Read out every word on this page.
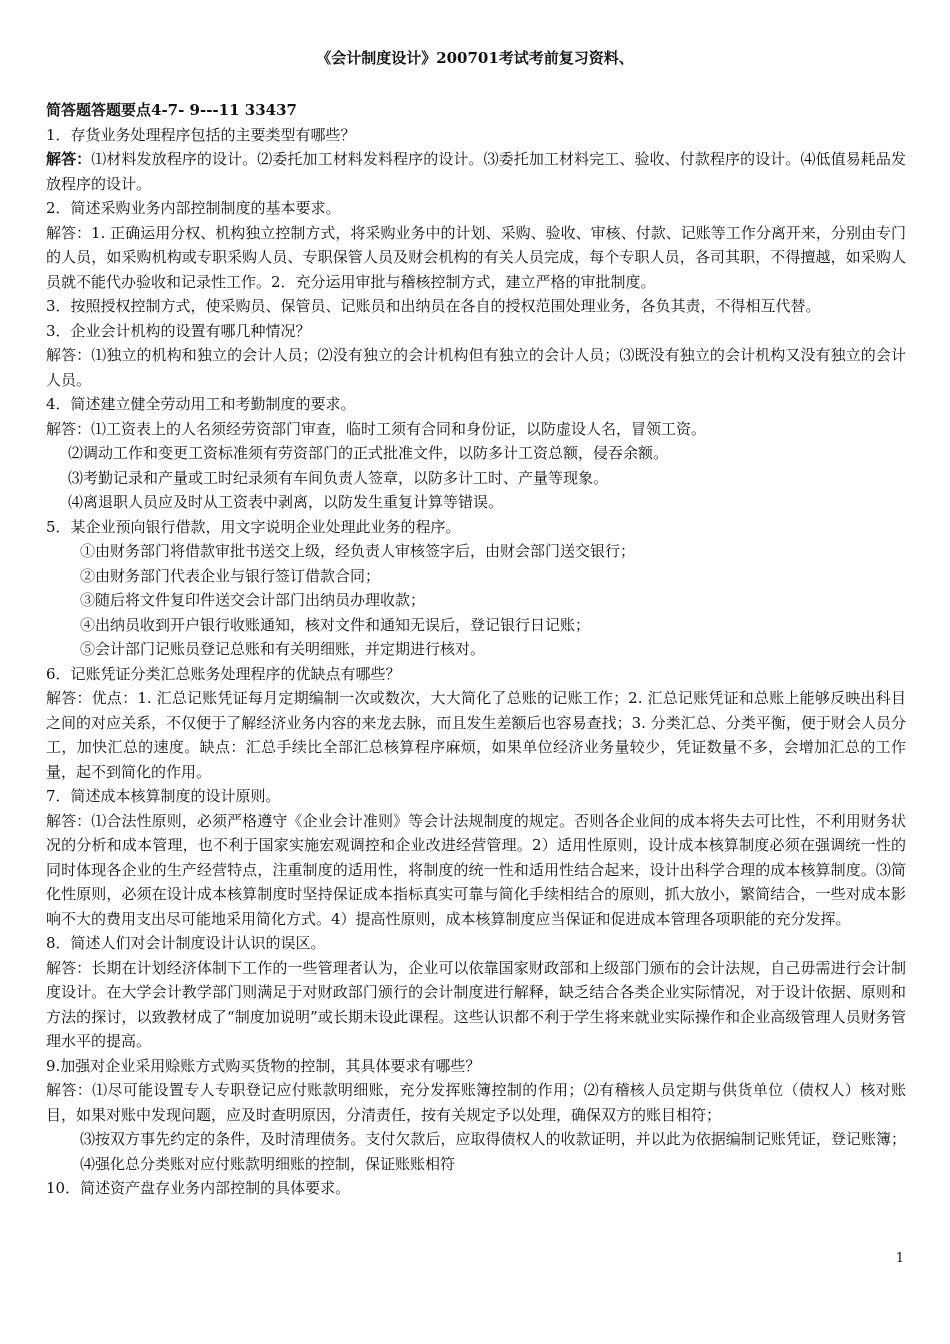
《会计制度设计》200701考试考前复习资料、

简答题答题要点4-7- 9---11 33437

1．存货业务处理程序包括的主要类型有哪些？

解答：⑴材料发放程序的设计。⑵委托加工材料发料程序的设计。⑶委托加工材料完工、验收、付款程序的设计。⑷低值易耗品发放程序的设计。

2．简述采购业务内部控制制度的基本要求。

解答：1. 正确运用分权、机构独立控制方式，将采购业务中的计划、采购、验收、审核、付款、记账等工作分离开来，分别由专门的人员，如采购机构或专职采购人员、专职保管人员及财会机构的有关人员完成，每个专职人员，各司其职，不得擅越，如采购人员就不能代办验收和记录性工作。2．充分运用审批与稽核控制方式，建立严格的审批制度。

3．按照授权控制方式，使采购员、保管员、记账员和出纳员在各自的授权范围处理业务，各负其责，不得相互代替。

3．企业会计机构的设置有哪几种情况？

解答：⑴独立的机构和独立的会计人员；⑵没有独立的会计机构但有独立的会计人员；⑶既没有独立的会计机构又没有独立的会计人员。

4．简述建立健全劳动用工和考勤制度的要求。

解答：⑴工资表上的人名须经劳资部门审查，临时工须有合同和身份证，以防虚设人名，冒领工资。

⑵调动工作和变更工资标准须有劳资部门的正式批准文件，以防多计工资总额，侵吞余额。

⑶考勤记录和产量或工时纪录须有车间负责人签章，以防多计工时、产量等现象。

⑷离退职人员应及时从工资表中剥离，以防发生重复计算等错误。

5．某企业预向银行借款，用文字说明企业处理此业务的程序。

①由财务部门将借款审批书送交上级，经负责人审核签字后，由财会部门送交银行；

②由财务部门代表企业与银行签订借款合同；

③随后将文件复印件送交会计部门出纳员办理收款；

④出纳员收到开户银行收账通知，核对文件和通知无误后，登记银行日记账；

⑤会计部门记账员登记总账和有关明细账，并定期进行核对。

6．记账凭证分类汇总账务处理程序的优缺点有哪些？

解答：优点：1. 汇总记账凭证每月定期编制一次或数次，大大简化了总账的记账工作；2. 汇总记账凭证和总账上能够反映出科目之间的对应关系，不仅便于了解经济业务内容的来龙去脉，而且发生差额后也容易查找；3. 分类汇总、分类平衡，便于财会人员分工，加快汇总的速度。缺点：汇总手续比全部汇总核算程序麻烦，如果单位经济业务量较少，凭证数量不多，会增加汇总的工作量，起不到简化的作用。

7．简述成本核算制度的设计原则。

解答：⑴合法性原则，必须严格遵守《企业会计准则》等会计法规制度的规定。否则各企业间的成本将失去可比性，不利用财务状况的分析和成本管理，也不利于国家实施宏观调控和企业改进经营管理。2）适用性原则，设计成本核算制度必须在强调统一性的同时体现各企业的生产经营特点，注重制度的适用性，将制度的统一性和适用性结合起来，设计出科学合理的成本核算制度。⑶简化性原则，必须在设计成本核算制度时坚持保证成本指标真实可靠与简化手续相结合的原则，抓大放小，繁简结合，一些对成本影响不大的费用支出尽可能地采用简化方式。4）提高性原则，成本核算制度应当保证和促进成本管理各项职能的充分发挥。

8．简述人们对会计制度设计认识的误区。

解答：长期在计划经济体制下工作的一些管理者认为，企业可以依靠国家财政部和上级部门颁布的会计法规，自己毋需进行会计制度设计。在大学会计教学部门则满足于对财政部门颁行的会计制度进行解释，缺乏结合各类企业实际情况，对于设计依据、原则和方法的探讨，以致教材成了“制度加说明”或长期未设此课程。这些认识都不利于学生将来就业实际操作和企业高级管理人员财务管理水平的提高。

9.加强对企业采用赊账方式购买货物的控制，其具体要求有哪些？

解答：⑴尽可能设置专人专职登记应付账款明细账，充分发挥账簿控制的作用；⑵有稽核人员定期与供货单位（债权人）核对账目，如果对账中发现问题，应及时查明原因，分清责任，按有关规定予以处理，确保双方的账目相符；

⑶按双方事先约定的条件，及时清理债务。支付欠款后，应取得债权人的收款证明，并以此为依据编制记账凭证，登记账簿；⑷强化总分类账对应付账款明细账的控制，保证账账相符

10．简述资产盘存业务内部控制的具体要求。

1
